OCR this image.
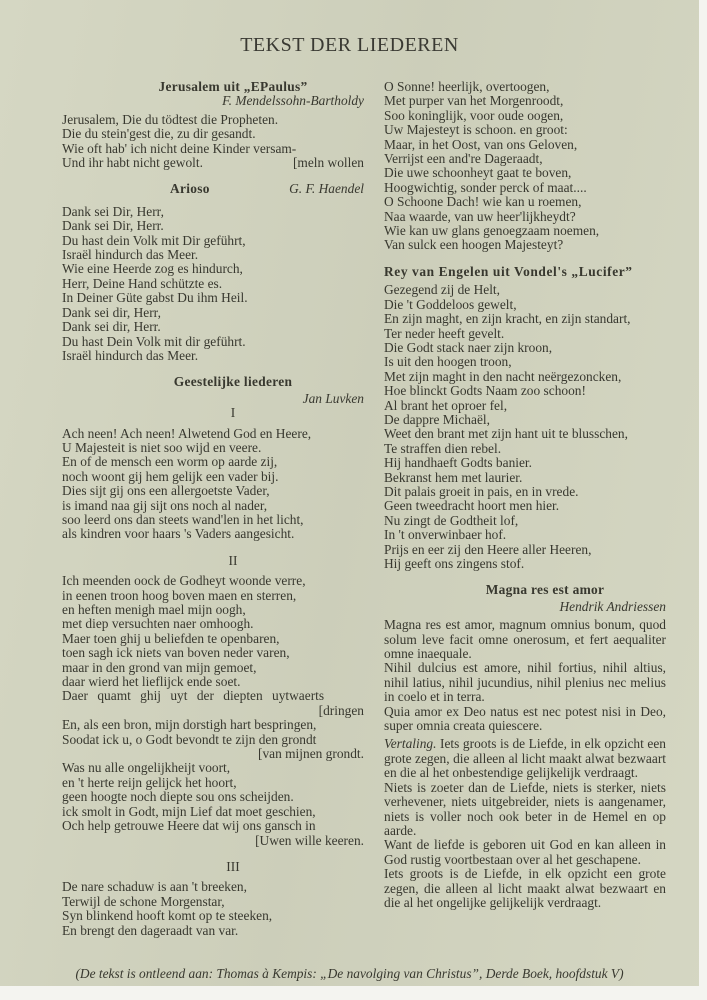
TEKST DER LIEDEREN
Jerusalem uit „EPaulus”
F. Mendelssohn-Bartholdy
Jerusalem, Die du tödtest die Propheten.
Die du stein'gest die, zu dir gesandt.
Wie oft hab' ich nicht deine Kinder versam-
Und ihr habt nicht gewolt.	[meln wollen
Arioso	G. F. Haendel
Dank sei Dir, Herr,
Dank sei Dir, Herr.
Du hast dein Volk mit Dir geführt,
Israël hindurch das Meer.
Wie eine Heerde zog es hindurch,
Herr, Deine Hand schützte es.
In Deiner Güte gabst Du ihm Heil.
Dank sei dir, Herr,
Dank sei dir, Herr.
Du hast Dein Volk mit dir geführt.
Israël hindurch das Meer.
Geestelijke liederen
Jan Luvken
I
Ach neen! Ach neen! Alwetend God en Heere,
U Majesteit is niet soo wijd en veere.
En of de mensch een worm op aarde zij,
noch woont gij hem gelijk een vader bij.
Dies sijt gij ons een allergoetste Vader,
is imand naa gij sijt ons noch al nader,
soo leerd ons dan steets wand'len in het licht,
als kindren voor haars 's Vaders aangesicht.
II
Ich meenden oock de Godheyt woonde verre,
in eenen troon hoog boven maen en sterren,
en heften menigh mael mijn oogh,
met diep versuchten naer omhoogh.
Maer toen ghij u beliefden te openbaren,
toen sagh ick niets van boven neder varen,
maar in den grond van mijn gemoet,
daar wierd het lieflijck ende soet.
Daer quamt ghij uyt der diepten uytwaerts
[dringen
En, als een bron, mijn dorstigh hart bespringen,
Soodat ick u, o Godt bevondt te zijn den grondt
[van mijnen grondt.
Was nu alle ongelijkheijt voort,
en 't herte reijn gelijck het hoort,
geen hoogte noch diepte sou ons scheijden.
ick smolt in Godt, mijn Lief dat moet geschien,
Och help getrouwe Heere dat wij ons gansch in
[Uwen wille keeren.
III
De nare schaduw is aan 't breeken,
Terwijl de schone Morgenstar,
Syn blinkend hooft komt op te steeken,
En brengt den dageraadt van var.
O Sonne! heerlijk, overtoogen,
Met purper van het Morgenroodt,
Soo koninglijk, voor oude oogen,
Uw Majesteyt is schoon. en groot:
Maar, in het Oost, van ons Geloven,
Verrijst een and're Dageraadt,
Die uwe schoonheyt gaat te boven,
Hoogwichtig, sonder perck of maat....
O Schoone Dach! wie kan u roemen,
Naa waarde, van uw heer'lijkheydt?
Wie kan uw glans genoegzaam noemen,
Van sulck een hoogen Majesteyt?
Rey van Engelen uit Vondel's „Lucifer”
Gezegend zij de Helt,
Die 't Goddeloos gewelt,
En zijn maght, en zijn kracht, en zijn standart,
Ter neder heeft gevelt.
Die Godt stack naer zijn kroon,
Is uit den hoogen troon,
Met zijn maght in den nacht neërgezoncken,
Hoe blinckt Godts Naam zoo schoon!
Al brant het oproer fel,
De dappre Michaël,
Weet den brant met zijn hant uit te blusschen,
Te straffen dien rebel.
Hij handhaeft Godts banier.
Bekranst hem met laurier.
Dit palais groeit in pais, en in vrede.
Geen tweedracht hoort men hier.
Nu zingt de Godtheit lof,
In 't onverwinbaer hof.
Prijs en eer zij den Heere aller Heeren,
Hij geeft ons zingens stof.
Magna res est amor
Hendrik Andriessen
Magna res est amor, magnum omnius bonum, quod solum leve facit omne onerosum, et fert aequaliter omne inaequale.
Nihil dulcius est amore, nihil fortius, nihil altius, nihil latius, nihil jucundius, nihil plenius nec melius in coelo et in terra.
Quia amor ex Deo natus est nec potest nisi in Deo, super omnia creata quiescere.
Vertaling. Iets groots is de Liefde, in elk opzicht een grote zegen, die alleen al licht maakt alwat bezwaart en die al het onbestendige gelijkelijk verdraagt.
Niets is zoeter dan de Liefde, niets is sterker, niets verhevener, niets uitgebreider, niets is aangenamer, niets is voller noch ook beter in de Hemel en op aarde.
Want de liefde is geboren uit God en kan alleen in God rustig voortbestaan over al het geschapene.
Iets groots is de Liefde, in elk opzicht een grote zegen, die alleen al licht maakt alwat bezwaart en die al het ongelijke gelijkelijk verdraagt.
(De tekst is ontleend aan: Thomas à Kempis: „De navolging van Christus”, Derde Boek, hoofdstuk V)
